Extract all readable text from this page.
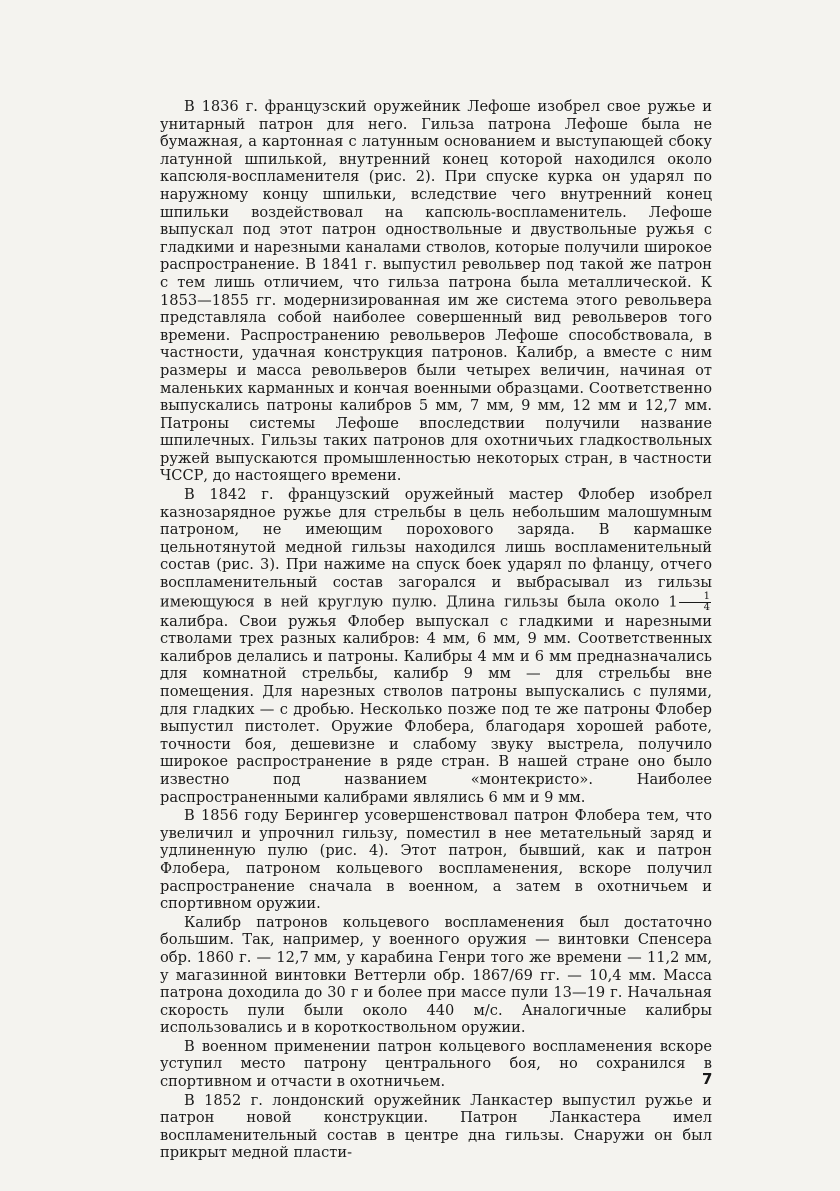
В 1836 г. французский оружейник Лефоше изобрел свое ружье и унитарный патрон для него. Гильза патрона Лефоше была не бумажная, а картонная с латунным основанием и выступающей сбоку латунной шпилькой, внутренний конец которой находился около капсюля-воспламенителя (рис. 2). При спуске курка он ударял по наружному концу шпильки, вследствие чего внутренний конец шпильки воздействовал на капсюль-воспламенитель. Лефоше выпускал под этот патрон одноствольные и двуствольные ружья с гладкими и нарезными каналами стволов, которые получили широкое распространение. В 1841 г. выпустил револьвер под такой же патрон с тем лишь отличием, что гильза патрона была металлической. К 1853—1855 гг. модернизированная им же система этого револьвера представляла собой наиболее совершенный вид револьверов того времени. Распространению револьверов Лефоше способствовала, в частности, удачная конструкция патронов. Калибр, а вместе с ним размеры и масса револьверов были четырех величин, начиная от маленьких карманных и кончая военными образцами. Соответственно выпускались патроны калибров 5 мм, 7 мм, 9 мм, 12 мм и 12,7 мм. Патроны системы Лефоше впоследствии получили название шпилечных. Гильзы таких патронов для охотничьих гладкоствольных ружей выпускаются промышленностью некоторых стран, в частности ЧССР, до настоящего времени.

В 1842 г. французский оружейный мастер Флобер изобрел казнозарядное ружье для стрельбы в цель небольшим малошумным патроном, не имеющим порохового заряда. В кармашке цельнотянутой медной гильзы находился лишь воспламенительный состав (рис. 3). При нажиме на спуск боек ударял по фланцу, отчего воспламенительный состав загорался и выбрасывал из гильзы имеющуюся в ней круглую пулю. Длина гильзы была около $1 \frac{1}{4}$
калибра. Свои ружья Флобер выпускал с гладкими и нарезными стволами трех разных калибров: 4 мм, 6 мм, 9 мм. Соответственных калибров делались и патроны. Калибры 4 мм и 6 мм предназначались для комнатной стрельбы, калибр 9 мм — для стрельбы вне помещения. Для нарезных стволов патроны выпускались с пулями, для гладких — с дробью. Несколько позже под те же патроны Флобер выпустил пистолет. Оружие Флобера, благодаря хорошей работе, точности боя, дешевизне и слабому звуку выстрела, получило широкое распространение в ряде стран. В нашей стране оно было известно под названием «монтекристо». Наиболее распространенными калибрами являлись 6 мм и 9 мм.

В 1856 году Берингер усовершенствовал патрон Флобера тем, что увеличил и упрочнил гильзу, поместил в нее метательный заряд и удлиненную пулю (рис. 4). Этот патрон, бывший, как и патрон Флобера, патроном кольцевого воспламенения, вскоре получил распространение сначала в военном, а затем в охотничьем и спортивном оружии.

Калибр патронов кольцевого воспламенения был достаточно большим. Так, например, у военного оружия — винтовки Спенсера обр. 1860 г. — 12,7 мм, у карабина Генри того же времени — 11,2 мм, у магазинной винтовки Веттерли обр. 1867/69 гг. — 10,4 мм. Масса патрона доходила до 30 г и более при массе пули 13—19 г. Начальная скорость пули были около 440 м/с. Аналогичные калибры использовались и в короткоствольном оружии.

В военном применении патрон кольцевого воспламенения вскоре уступил место патрону центрального боя, но сохранился в спортивном и отчасти в охотничьем.

В 1852 г. лондонский оружейник Ланкастер выпустил ружье и патрон новой конструкции. Патрон Ланкастера имел воспламенительный состав в центре дна гильзы. Снаружи он был прикрыт медной пласти-

7
